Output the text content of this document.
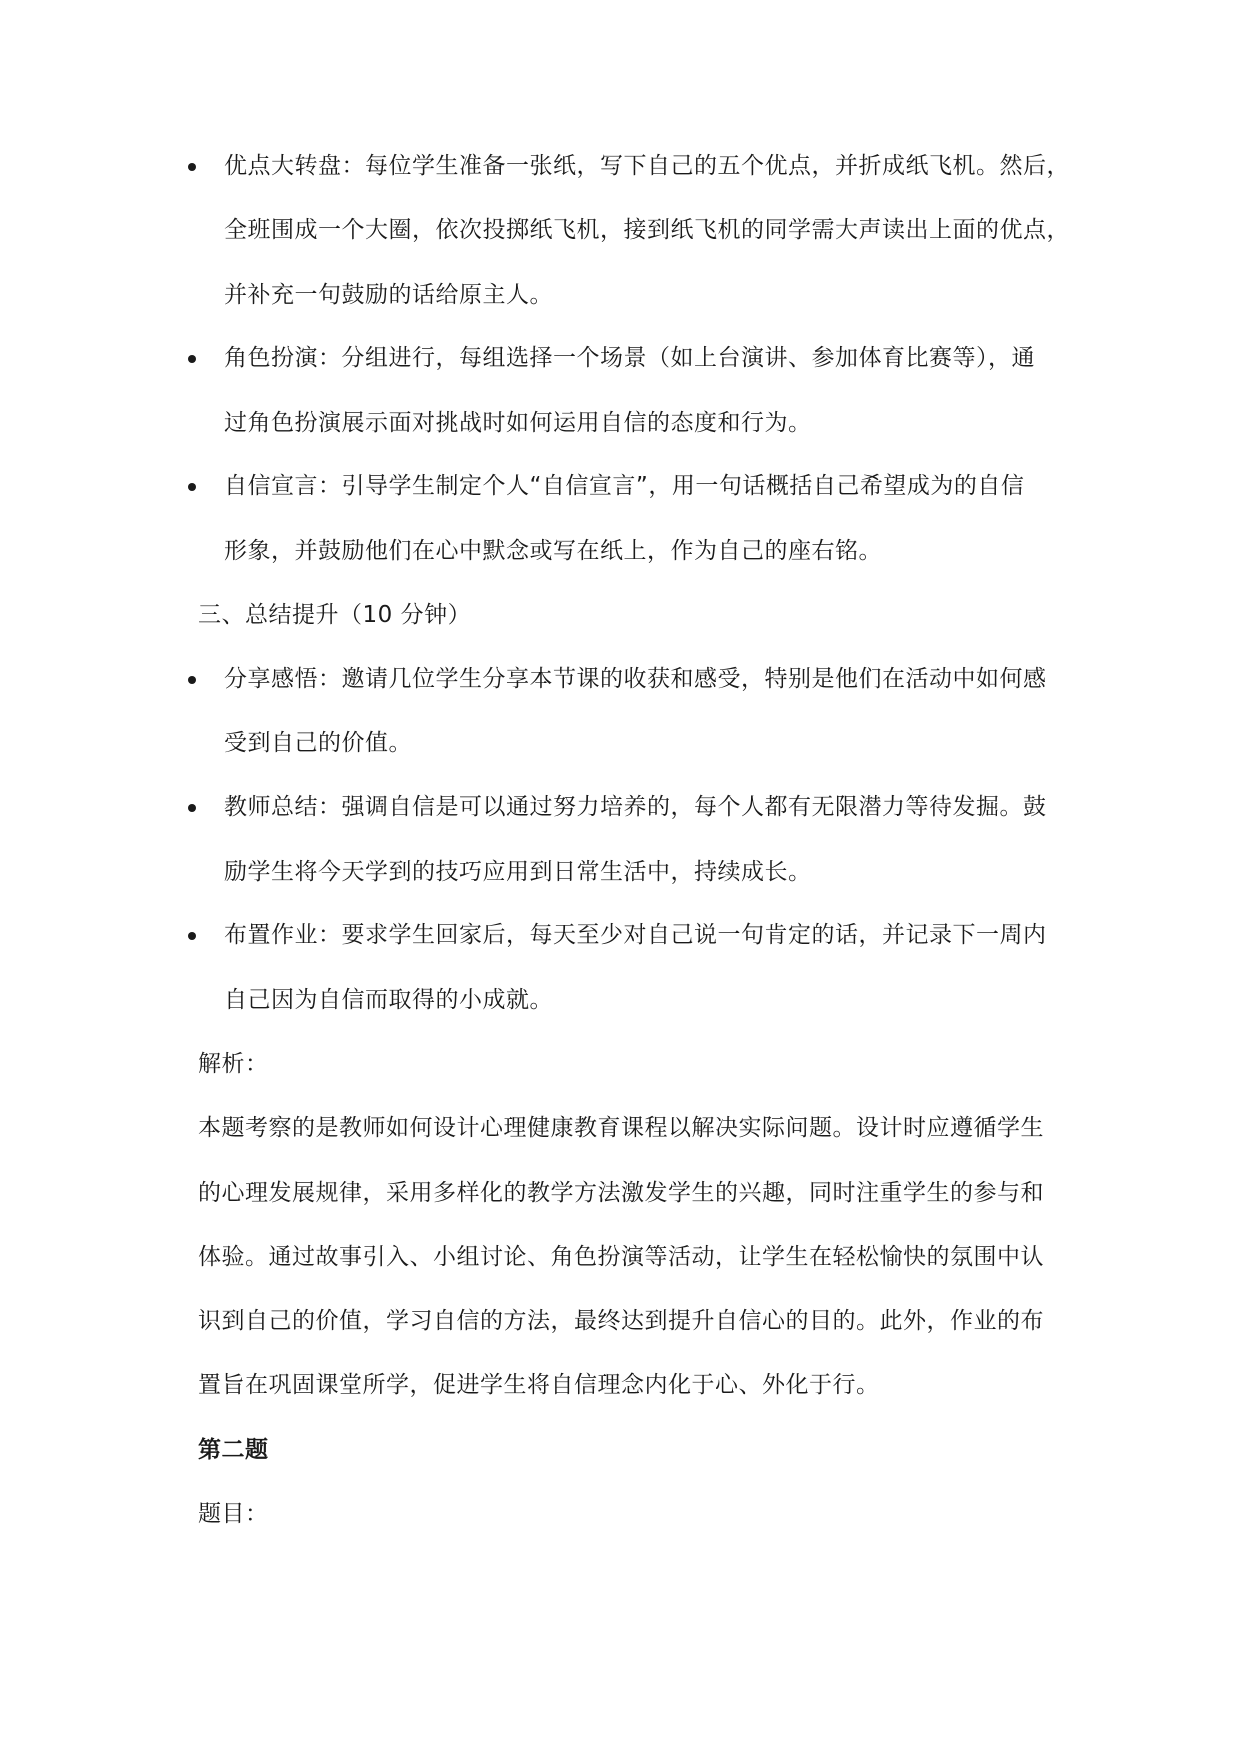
优点大转盘：每位学生准备一张纸，写下自己的五个优点，并折成纸飞机。然后，
全班围成一个大圈，依次投掷纸飞机，接到纸飞机的同学需大声读出上面的优点，
并补充一句鼓励的话给原主人。
角色扮演：分组进行，每组选择一个场景（如上台演讲、参加体育比赛等），通
过角色扮演展示面对挑战时如何运用自信的态度和行为。
自信宣言：引导学生制定个人“自信宣言”，用一句话概括自己希望成为的自信
形象，并鼓励他们在心中默念或写在纸上，作为自己的座右铭。
三、总结提升（10 分钟）
分享感悟：邀请几位学生分享本节课的收获和感受，特别是他们在活动中如何感
受到自己的价值。
教师总结：强调自信是可以通过努力培养的，每个人都有无限潜力等待发掘。鼓
励学生将今天学到的技巧应用到日常生活中，持续成长。
布置作业：要求学生回家后，每天至少对自己说一句肯定的话，并记录下一周内
自己因为自信而取得的小成就。
解析：
本题考察的是教师如何设计心理健康教育课程以解决实际问题。设计时应遵循学生
的心理发展规律，采用多样化的教学方法激发学生的兴趣，同时注重学生的参与和
体验。通过故事引入、小组讨论、角色扮演等活动，让学生在轻松愉快的氛围中认
识到自己的价值，学习自信的方法，最终达到提升自信心的目的。此外，作业的布
置旨在巩固课堂所学，促进学生将自信理念内化于心、外化于行。
第二题
题目：
